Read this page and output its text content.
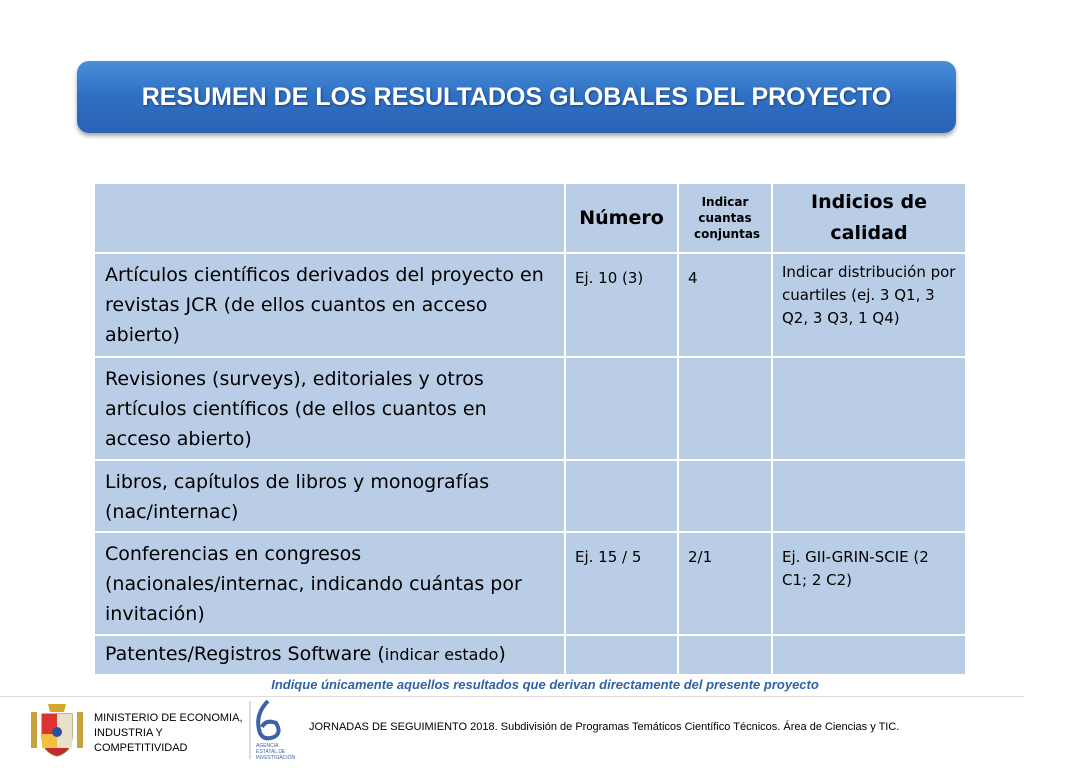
RESUMEN DE LOS RESULTADOS GLOBALES DEL PROYECTO
	Número	Indicar cuantas conjuntas	Indicios de calidad

Artículos científicos derivados del proyecto en revistas JCR (de ellos cuantos en acceso abierto)	Ej. 10 (3)	4	Indicar distribución por cuartiles (ej. 3 Q1, 3 Q2, 3 Q3, 1 Q4)
Revisiones (surveys), editoriales y otros artículos científicos (de ellos cuantos en acceso abierto)			
Libros, capítulos de libros y monografías (nac/internac)			
Conferencias en congresos (nacionales/internac, indicando cuántas por invitación)	Ej. 15 / 5	2/1	Ej. GII-GRIN-SCIE (2 C1; 2 C2)
Patentes/Registros Software (indicar estado)			
Indique únicamente aquellos resultados que derivan directamente del presente proyecto
MINISTERIO DE ECONOMIA,
INDUSTRIA Y
COMPETITIVIDAD	AGENCIA
ESTATAL DE
INVESTIGACIÓN
JORNADAS DE SEGUIMIENTO 2018. Subdivisión de Programas Temáticos Científico Técnicos. Área de Ciencias y TIC.
